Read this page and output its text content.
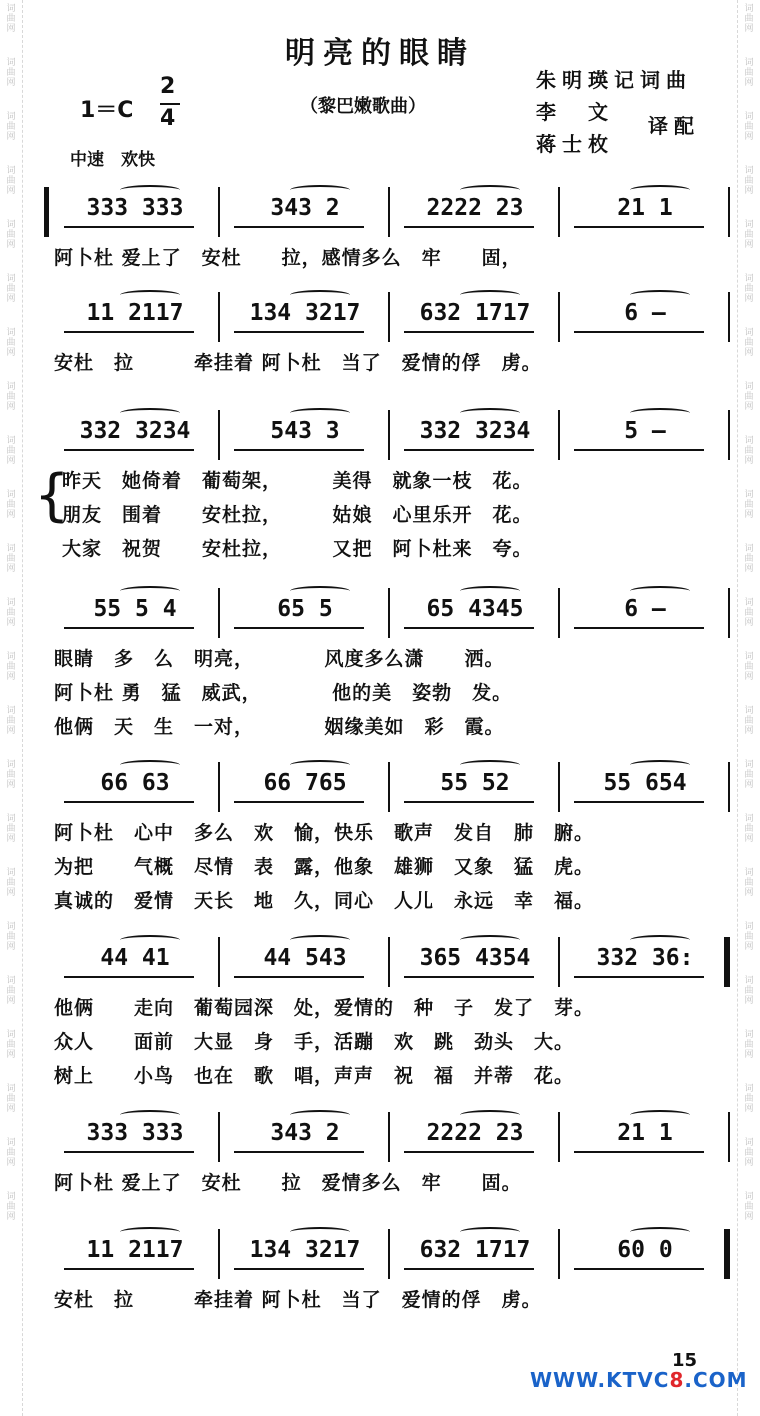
词
曲
网
词
曲
网
词
曲
网
词
曲
网
词
曲
网
词
曲
网
词
曲
网
词
曲
网
词
曲
网
词
曲
网
词
曲
网
词
曲
网
词
曲
网
词
曲
网
词
曲
网
词
曲
网
词
曲
网
词
曲
网
词
曲
网
词
曲
网
词
曲
网
词
曲
网
词
曲
网
词
曲
网
词
曲
网
词
曲
网
词
曲
网
词
曲
网
词
曲
网
词
曲
网
词
曲
网
词
曲
网
词
曲
网
词
曲
网
词
曲
网
词
曲
网
词
曲
网
词
曲
网
词
曲
网
词
曲
网
词
曲
网
词
曲
网
词
曲
网
词
曲
网
词
曲
网
词
曲
网
明亮的眼睛
（黎巴嫩歌曲）
朱明瑛记词曲
李　文
译配
蒋士枚
1＝C
2
4
中速　欢快
333 333	343 2	2222 23	21 1
阿卜杜 爱上了　安杜　　拉，感情多么　牢　　固，
11 2117	134 3217	632 1717	6 —
安杜　拉　　　牵挂着 阿卜杜　当了　爱情的俘　虏。
332 3234	543 3	332 3234	5 —
{
昨天　她倚着　葡萄架，　　　美得　就象一枝　花。
朋友　围着　　安杜拉，　　　姑娘　心里乐开　花。
大家　祝贺　　安杜拉，　　　又把　阿卜杜来　夸。
55 5 4	65 5	65 4345	6 —
眼睛　多　么　明亮，　　　　风度多么潇　　洒。
阿卜杜 勇　猛　威武，　　　　他的美　姿勃　发。
他俩　天　生　一对，　　　　姻缘美如　彩　霞。
66 63	66 765	55 52	55 654
阿卜杜　心中　多么　欢　愉，快乐　歌声　发自　肺　腑。
为把　　气概　尽情　表　露，他象　雄狮　又象　猛　虎。
真诚的　爱情　天长　地　久，同心　人儿　永远　幸　福。
44 41	44 543	365 4354	332 36:
他俩　　走向　葡萄园深　处，爱情的　种　子　发了　芽。
众人　　面前　大显　身　手，活蹦　欢　跳　劲头　大。
树上　　小鸟　也在　歌　唱，声声　祝　福　并蒂　花。
333 333	343 2	2222 23	21 1
阿卜杜 爱上了　安杜　　拉　爱情多么　牢　　固。
11 2117	134 3217	632 1717	60 0
安杜　拉　　　牵挂着 阿卜杜　当了　爱情的俘　虏。
15
WWW.KTVC8.COM
